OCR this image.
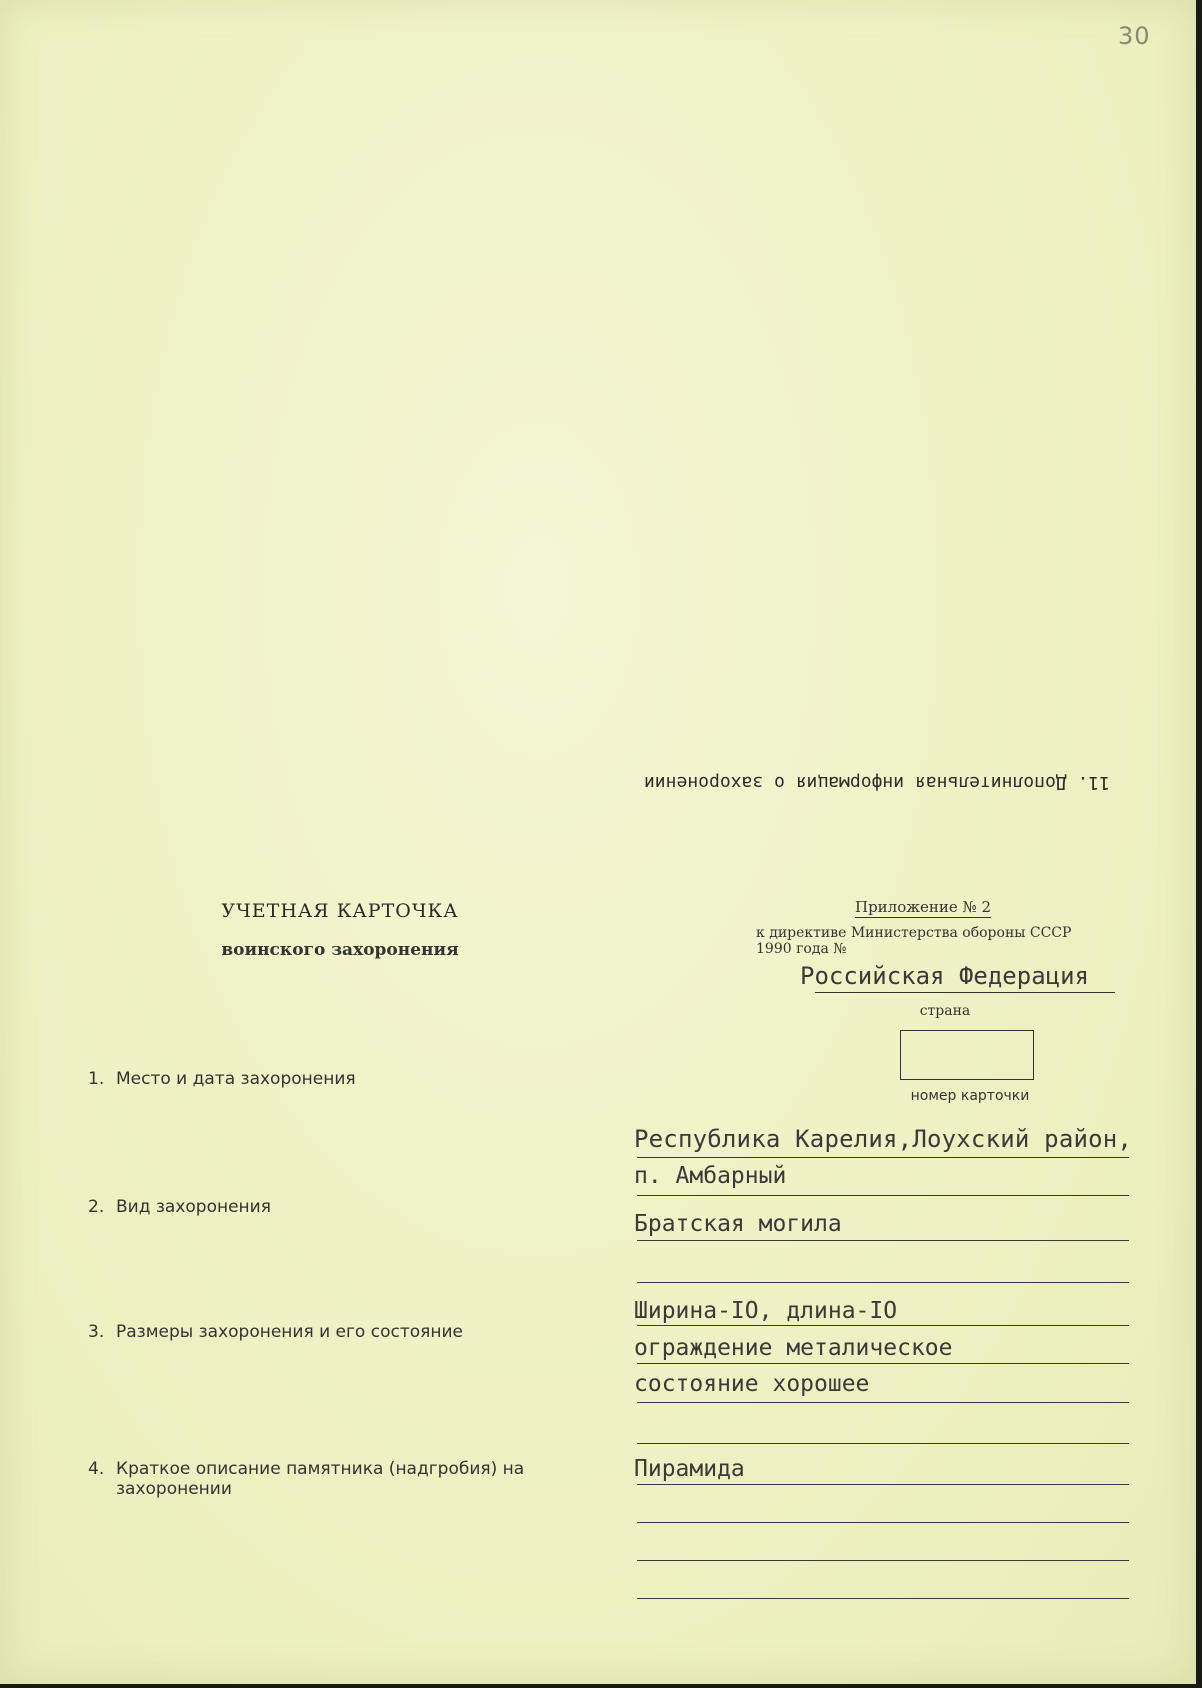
30
11. Дополнительная информация о захоронении
УЧЕТНАЯ КАРТОЧКА
воинского захоронения
Приложение № 2
к директиве Министерства обороны СССР
1990 года №
Российская Федерация
страна
номер карточки
1. Место и дата захоронения
Республика Карелия,Лоухский район,
п. Амбарный
2. Вид захоронения
Братская могила
3. Размеры захоронения и его состояние
Ширина-IO, длина-IO
ограждение металическое
состояние хорошее
4. Краткое описание памятника (надгробия) на
захоронении
Пирамида
